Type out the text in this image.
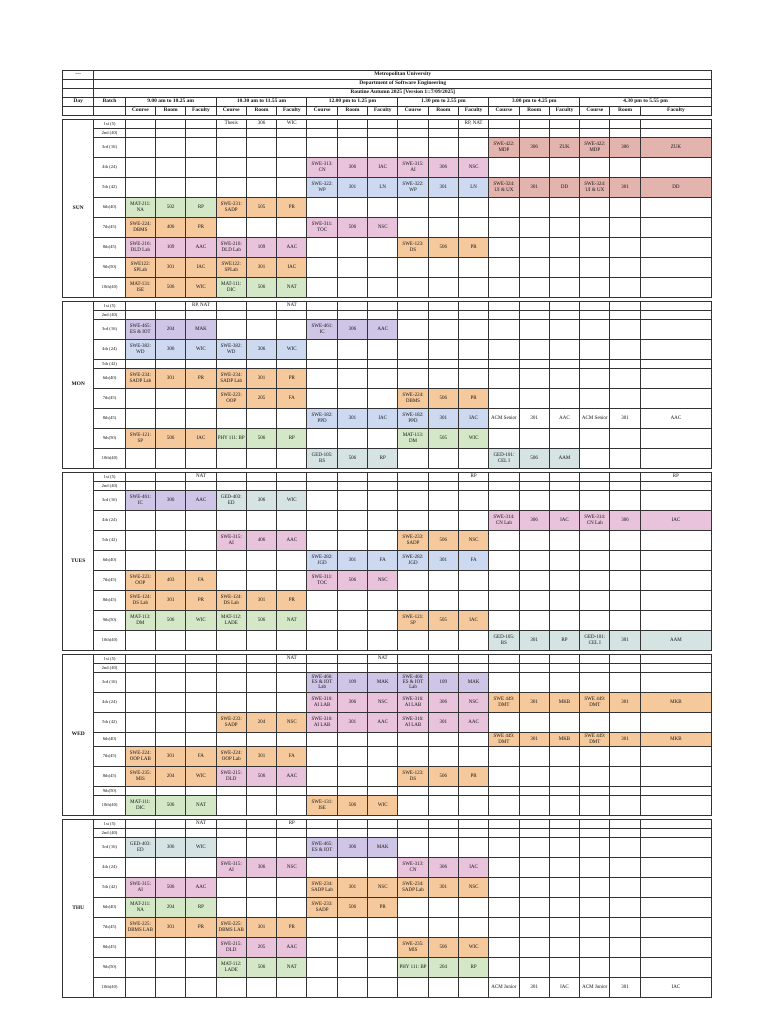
---	Metropolitan University																		
	Department of Software Engineering																		
	Routine Autumn 2025 [Version 1::7/09/2025]																		
Day	Batch	9.00 am to 10.25 am			10.30 am to 11.55 am			12.00 pm to 1.25 pm			1.30 pm to 2.55 pm			3.00 pm to 4.25 pm			4.30 pm to 5.55 pm		
		Course	Room	Faculty	Course	Room	Faculty	Course	Room	Faculty	Course	Room	Faculty	Course	Room	Faculty	Course	Room	Faculty

SUN	1st (5)				Thesis	306	WIC						RP, NAT						
	2nd (40)																		
	3rd (16)													SWE-422: MDP	306	ZUK	SWE-422: MDP	306	ZUK
	4th (24)							SWE-313: CN	306	IAC	SWE-315: AI	306	NSC						
	5th (42)							SWE-322: WP	301	LN	SWE-322: WP	301	LN	SWE-324: UI & UX	301	DD	SWE-324: UI & UX	301	DD
	6th(40)	MAT-211: NA	502	RP	SWE-231: SADP	505	PR												
	7th(45)	SWE-224: DBMS	406	PR				SWE-311: TOC	506	NSC									
	8th(45)	SWE-216: DLD Lab	109	AAC	SWE-216: DLD Lab	109	AAC				SWE-123: DS	506	PR						
	9th(50)	SWE122: SPLab	301	IAC	SWE122: SPLab	301	IAC												
	10th(40)	MAT-131: ISE	506	WIC	MAT-111: DIC	506	NAT												

MON	1st (5)			RP, NAT			NAT												
	2nd (40)																		
	3rd (16)	SWE-465: ES & IOT	204	MAK				SWE-461: IC	306	AAC									
	4th (24)	SWE-382: WD	306	WIC	SWE-382: WD	306	WIC												
	5th (42)																		
	6th(40)	SWE-234: SADP Lab	301	PR	SWE-234: SADP Lab	301	PR												
	7th(45)				SWE-223: OOP	205	FA				SWE-224: DBMS	506	PR						
	8th(45)							SWE-182: PPD	301	IAC	SWE-182: PPD	301	IAC	ACM Senior	301	AAC	ACM Senior	301	AAC
	9th(50)	SWE-121: SP	506	IAC	PHY 111: BP	506	RP				MAT-113: DM	505	WIC						
	10th(40)							GED-105: BS	506	RP				GED-101: CEL I	506	AAM			

TUES	1st (5)			NAT									RP						RP
	2nd (40)																		
	3rd (16)	SWE-461: IC	306	AAC	GED-403: ED	306	WIC												
	4th (24)													SWE-314: CN Lab	306	IAC	SWE-314: CN Lab	306	IAC
	5th (42)				SWE-315: AI	406	AAC				SWE-233: SADP	506	NSC						
	6th(40)							SWE-282: JGD	301	FA	SWE-282: JGD	301	FA						
	7th(45)	SWE-223: OOP	403	FA				SWE-311: TOC	506	NSC									
	8th(45)	SWE-124: DS Lab	301	PR	SWE-124: DS Lab	301	PR												
	9th(50)	MAT-113: DM	506	WIC	MAT-112: LADE	506	NAT				SWE-121: SP	505	IAC						
	10th(40)													GED-105: BS	301	RP	GED-101: CEL I	301	AAM

WED	1st (5)						NAT			NAT									
	2nd (40)																		
	3rd (16)							SWE-466: ES & IOT Lab	109	MAK	SWE-466: ES & IOT Lab	109	MAK						
	4th (24)							SWE-316: AI LAB	306	NSC	SWE-316: AI LAB	306	NSC	SWE 449: DMT	301	MKB	SWE 449: DMT	301	MKB
	5th (42)				SWE-233: SADP	204	NSC	SWE-316: AI LAB	301	AAC	SWE-316: AI LAB	301	AAC						
	6th(40)													SWE 449: DMT	301	MKB	SWE 449: DMT	301	MKB
	7th(45)	SWE-224: OOP LAB	301	FA	SWE-224: OOP Lab	301	FA												
	8th(45)	SWE-235: MIS	204	WIC	SWE-215: DLD	506	AAC				SWE-123: DS	506	PR						
	9th(50)																		
	10th(40)	MAT-111: DIC	506	NAT				SWE-131: ISE	506	WIC									

THU	1st (5)			NAT			RP												
	2nd (40)																		
	3rd (16)	GED-403: ED	306	WIC				SWE-465: ES & IOT	306	MAK									
	4th (24)				SWE-315: AI	306	NSC				SWE-313: CN	306	IAC						
	5th (42)	SWE-315: AI	506	AAC				SWE-234: SADP Lab	301	NSC	SWE-234: SADP Lab	301	NSC						
	6th(40)	MAT-211: NA	204	RP				SWE-233: SADP	506	PR									
	7th(45)	SWE-225: DBMS LAB	301	PR	SWE-225: DBMS LAB	301	PR												
	8th(45)				SWE-215: DLD	205	AAC				SWE-235: MIS	506	WIC						
	9th(50)				MAT-112: LADE	506	NAT				PHY 111: BP	204	RP						
	10th(40)													ACM Junior	301	IAC	ACM Junior	301	IAC
